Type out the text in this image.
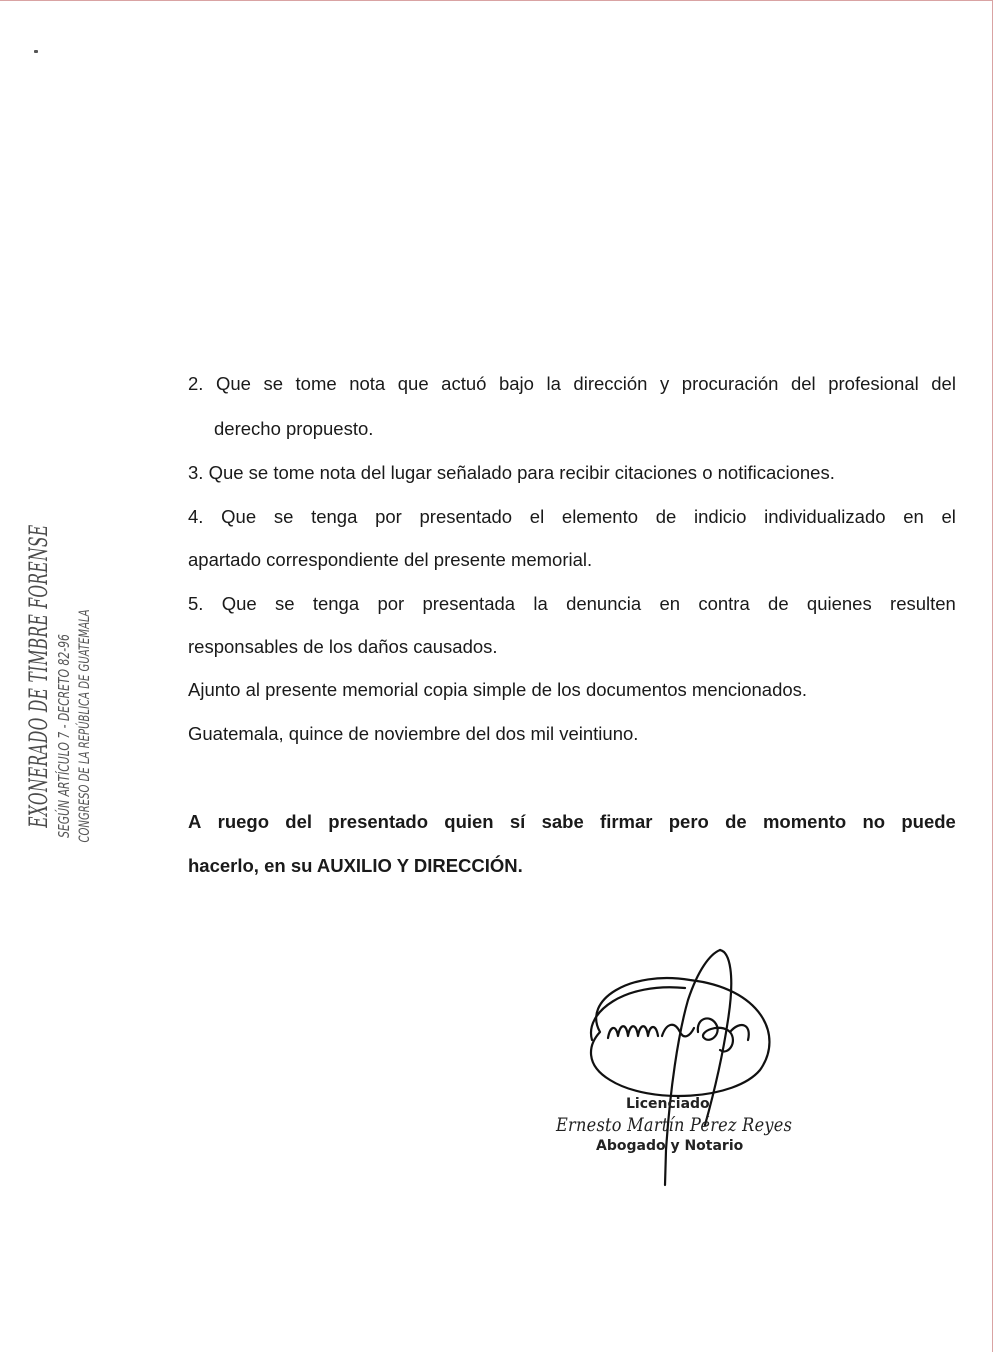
2. Que se tome nota que actuó bajo la dirección y procuración del profesional del
derecho propuesto.
3. Que se tome nota del lugar señalado para recibir citaciones o notificaciones.
4. Que se tenga por presentado el elemento de indicio individualizado en el
apartado correspondiente del presente memorial.
5. Que se tenga por presentada la denuncia en contra de quienes resulten
responsables de los daños causados.
Ajunto al presente memorial copia simple de los documentos mencionados.
Guatemala, quince de noviembre del dos mil veintiuno.
A ruego del presentado quien sí sabe firmar pero de momento no puede
hacerlo, en su AUXILIO Y DIRECCIÓN.
EXONERADO DE TIMBRE FORENSE SEGÚN ARTÍCULO 7 - DECRETO 82-96 CONGRESO DE LA REPÚBLICA DE GUATEMALA
Licenciado
Ernesto Martín Pérez Reyes
Abogado y Notario
